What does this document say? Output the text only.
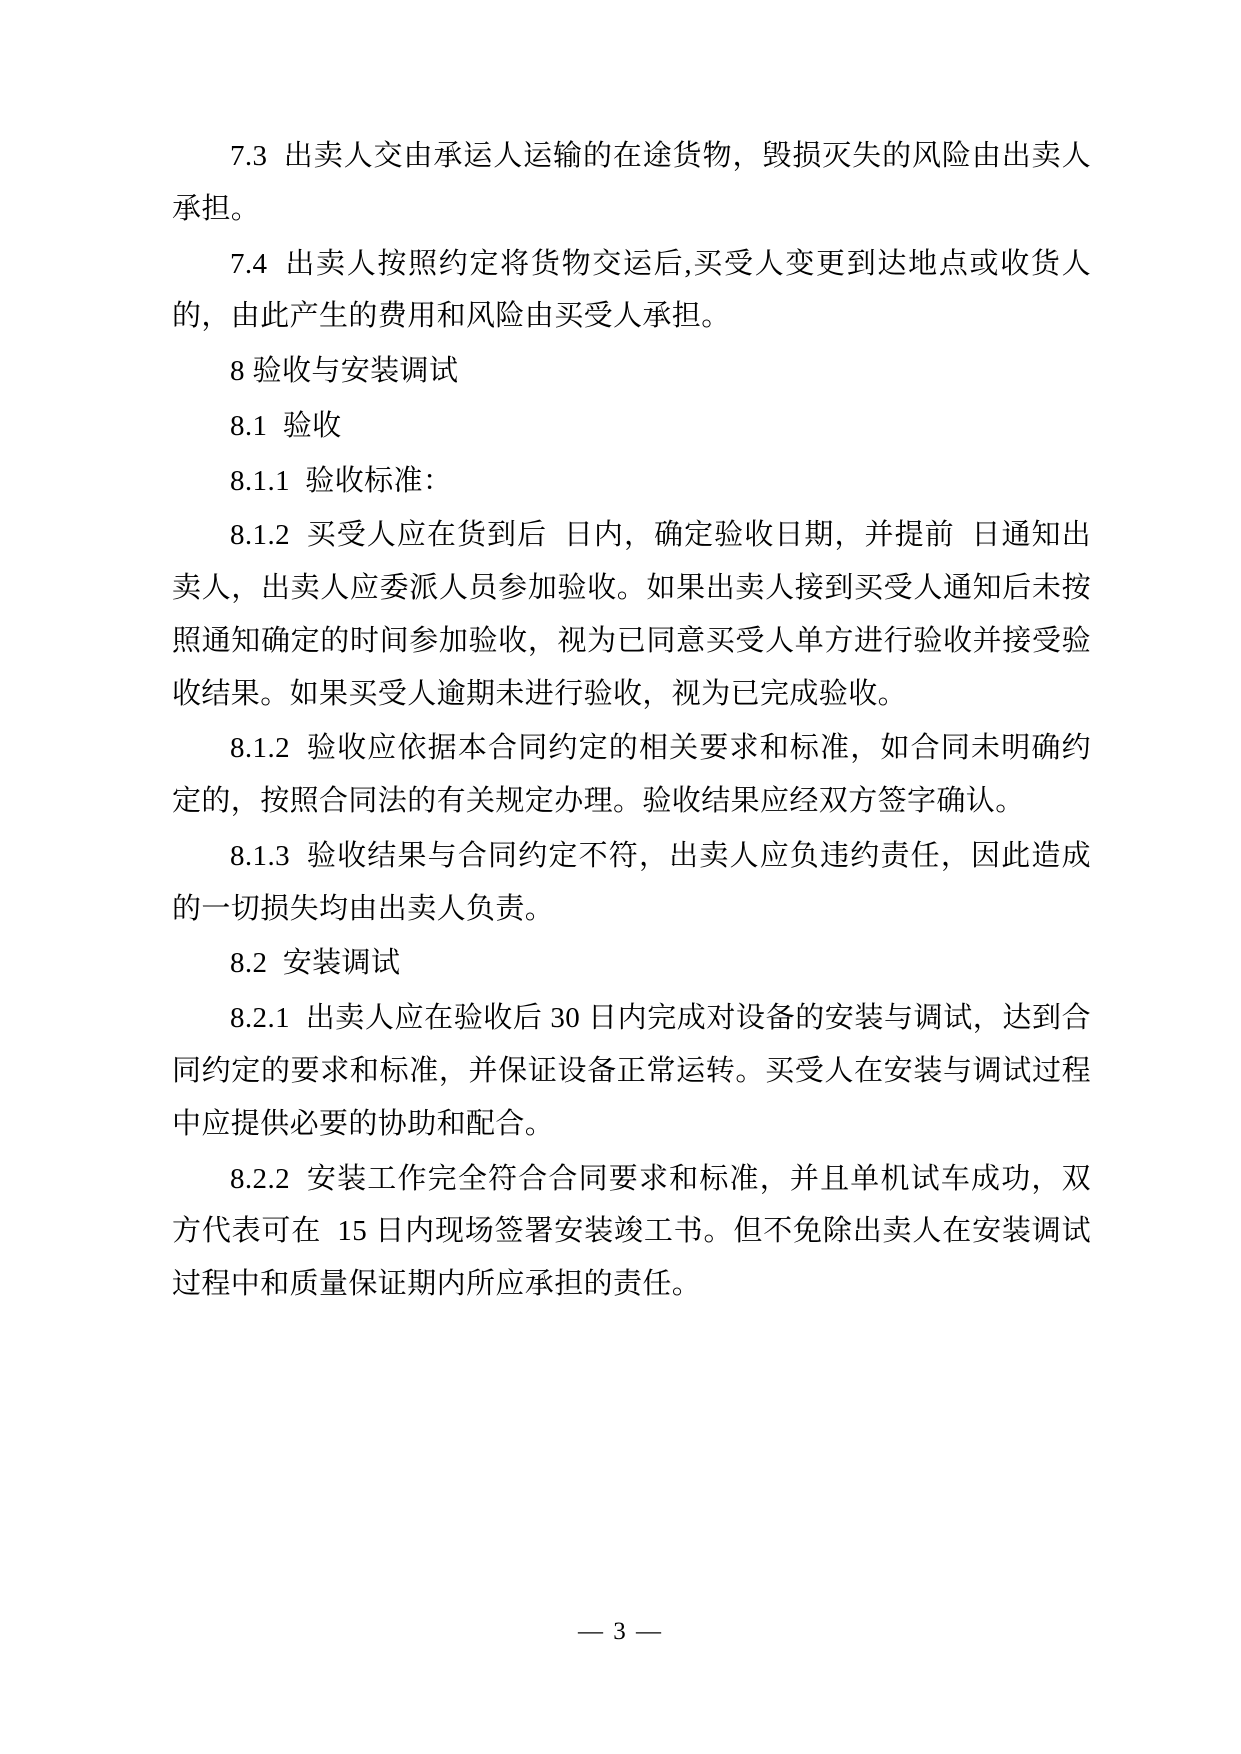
7.3  出卖人交由承运人运输的在途货物，毁损灭失的风险由出卖人承担。

7.4  出卖人按照约定将货物交运后,买受人变更到达地点或收货人的，由此产生的费用和风险由买受人承担。

8 验收与安装调试

8.1  验收

8.1.1  验收标准：

8.1.2  买受人应在货到后  日内，确定验收日期，并提前  日通知出卖人，出卖人应委派人员参加验收。如果出卖人接到买受人通知后未按照通知确定的时间参加验收，视为已同意买受人单方进行验收并接受验收结果。如果买受人逾期未进行验收，视为已完成验收。

8.1.2  验收应依据本合同约定的相关要求和标准，如合同未明确约定的，按照合同法的有关规定办理。验收结果应经双方签字确认。

8.1.3  验收结果与合同约定不符，出卖人应负违约责任，因此造成的一切损失均由出卖人负责。

8.2  安装调试

8.2.1  出卖人应在验收后 30 日内完成对设备的安装与调试，达到合同约定的要求和标准，并保证设备正常运转。买受人在安装与调试过程中应提供必要的协助和配合。

8.2.2  安装工作完全符合合同要求和标准，并且单机试车成功，双方代表可在  15 日内现场签署安装竣工书。但不免除出卖人在安装调试过程中和质量保证期内所应承担的责任。

— 3 —
